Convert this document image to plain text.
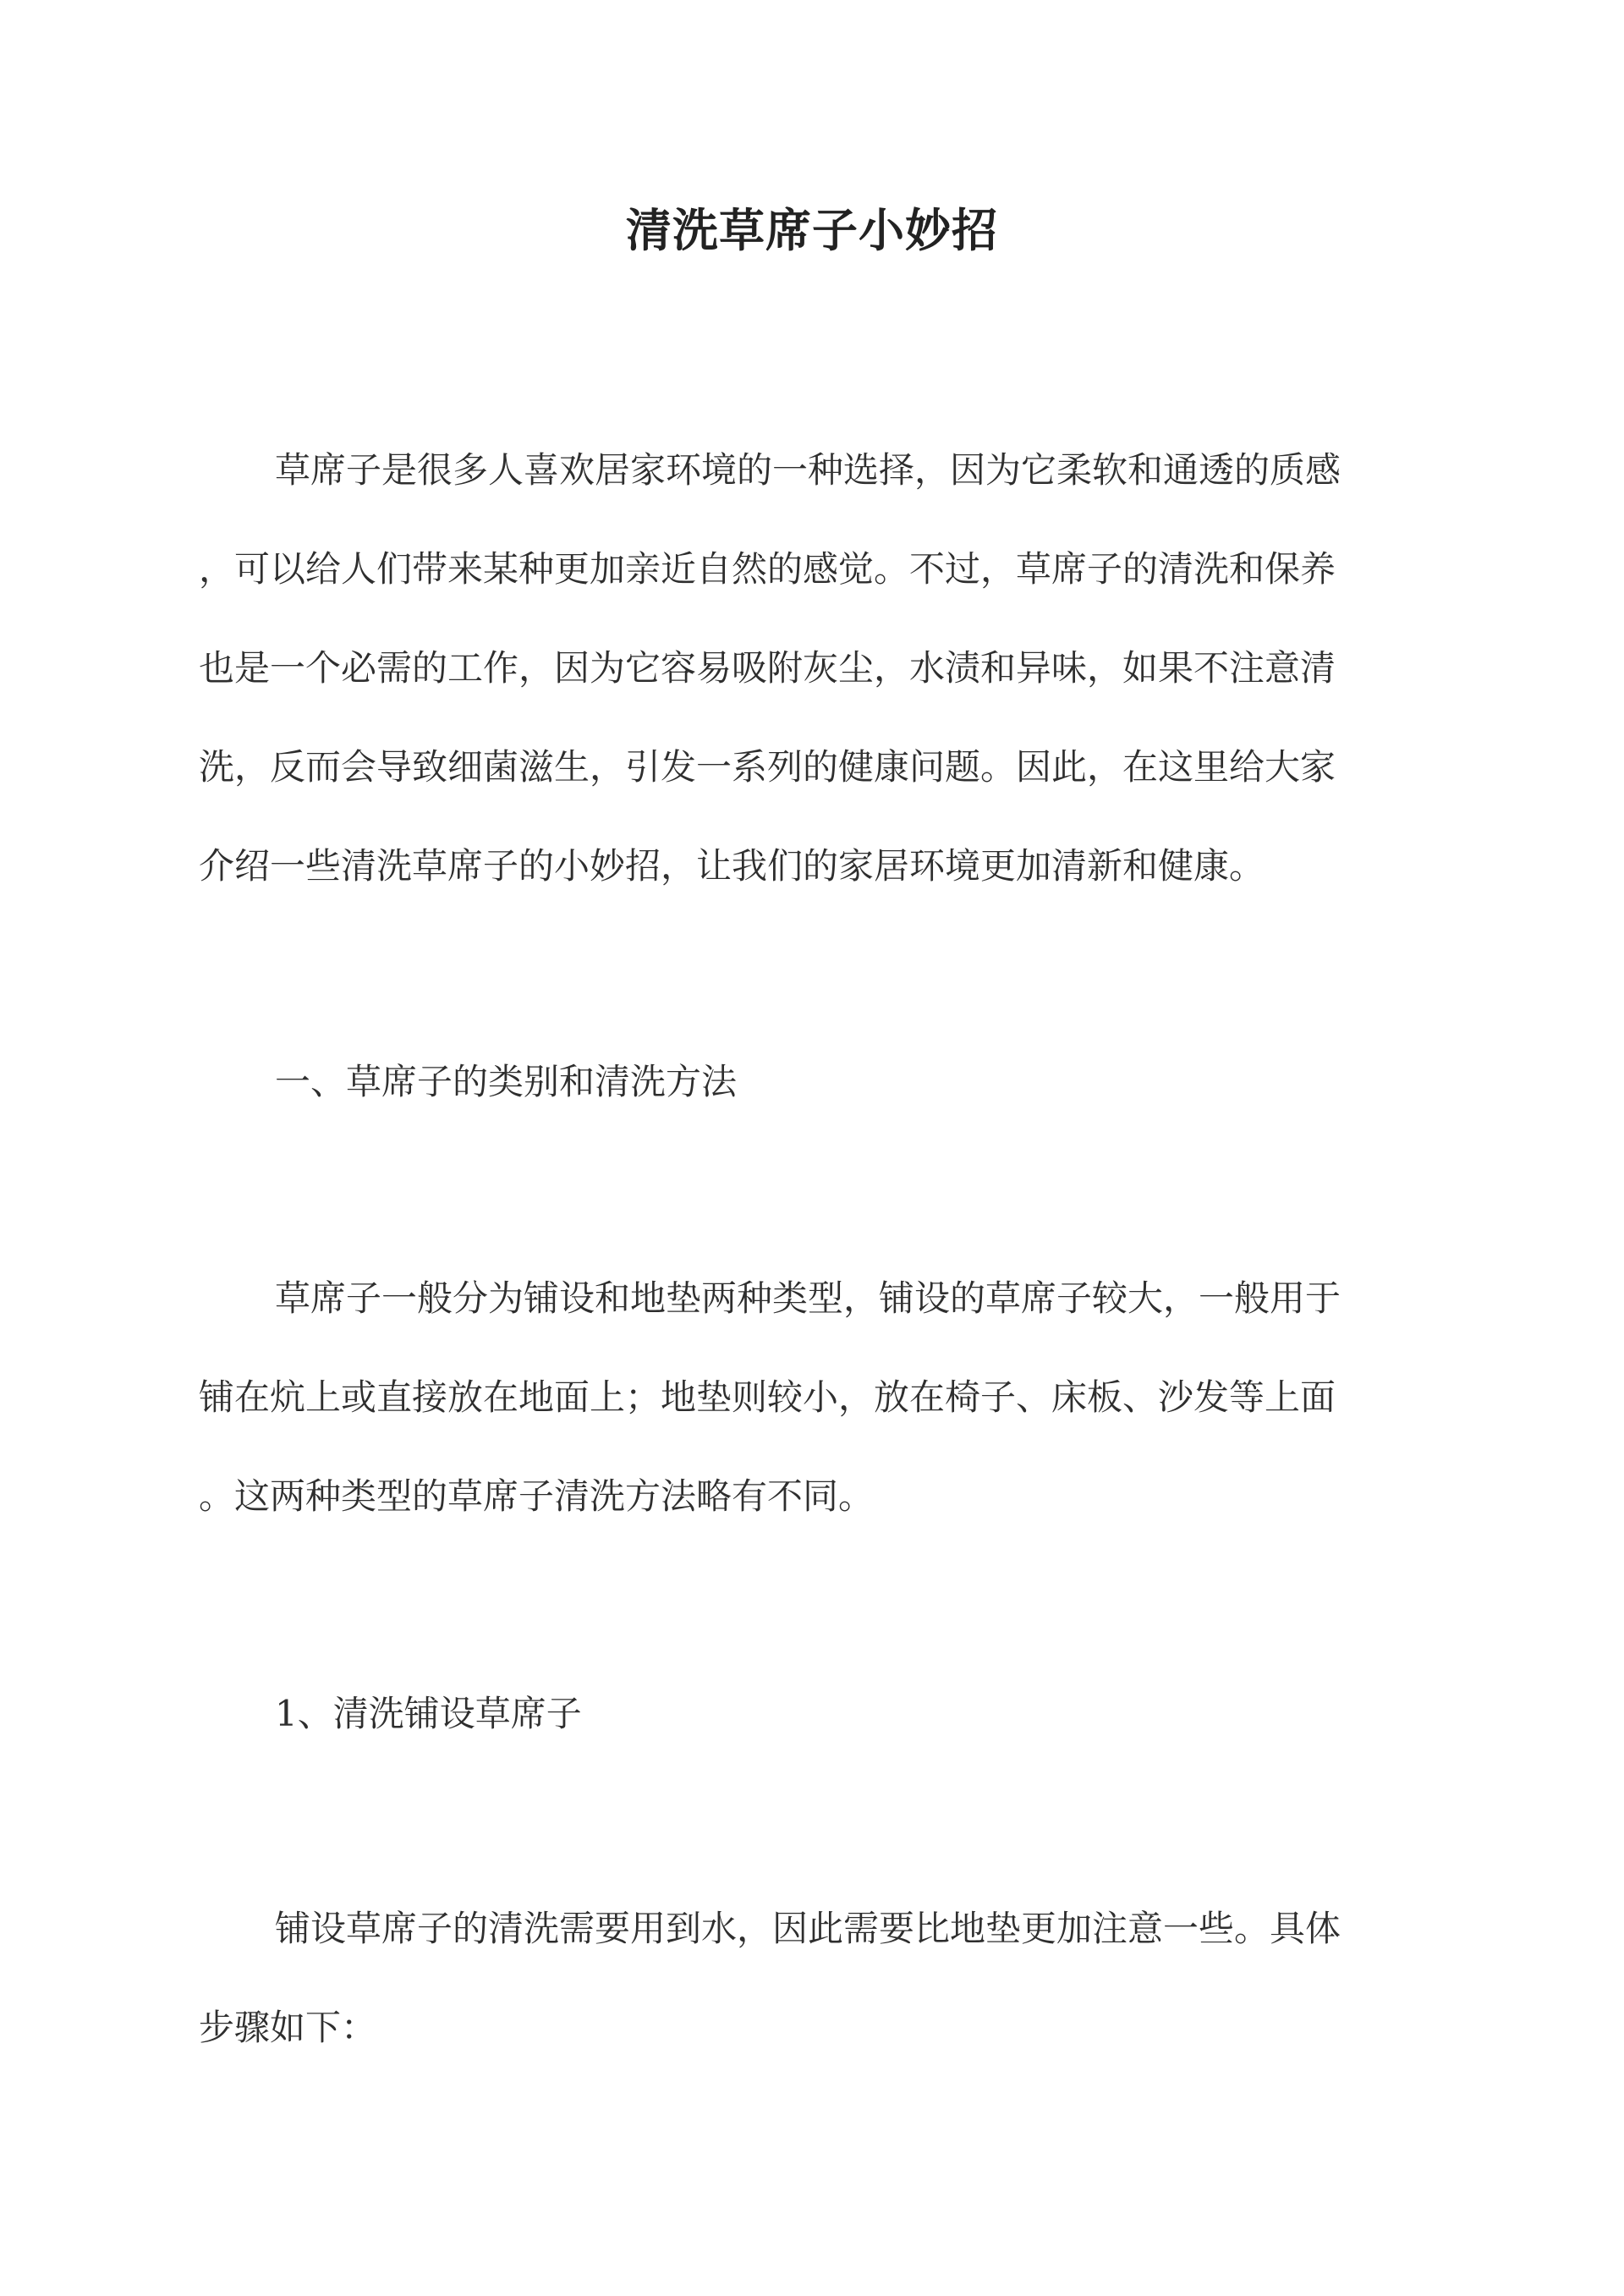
清洗草席子小妙招
草席子是很多人喜欢居家环境的一种选择，因为它柔软和通透的质感
，可以给人们带来某种更加亲近自然的感觉。不过，草席子的清洗和保养
也是一个必需的工作，因为它容易吸附灰尘，水渍和异味，如果不注意清
洗，反而会导致细菌滋生，引发一系列的健康问题。因此，在这里给大家
介绍一些清洗草席子的小妙招，让我们的家居环境更加清新和健康。
一、草席子的类别和清洗方法
草席子一般分为铺设和地垫两种类型，铺设的草席子较大，一般用于
铺在炕上或直接放在地面上；地垫则较小，放在椅子、床板、沙发等上面
。这两种类型的草席子清洗方法略有不同。
1、清洗铺设草席子
铺设草席子的清洗需要用到水，因此需要比地垫更加注意一些。具体
步骤如下：
